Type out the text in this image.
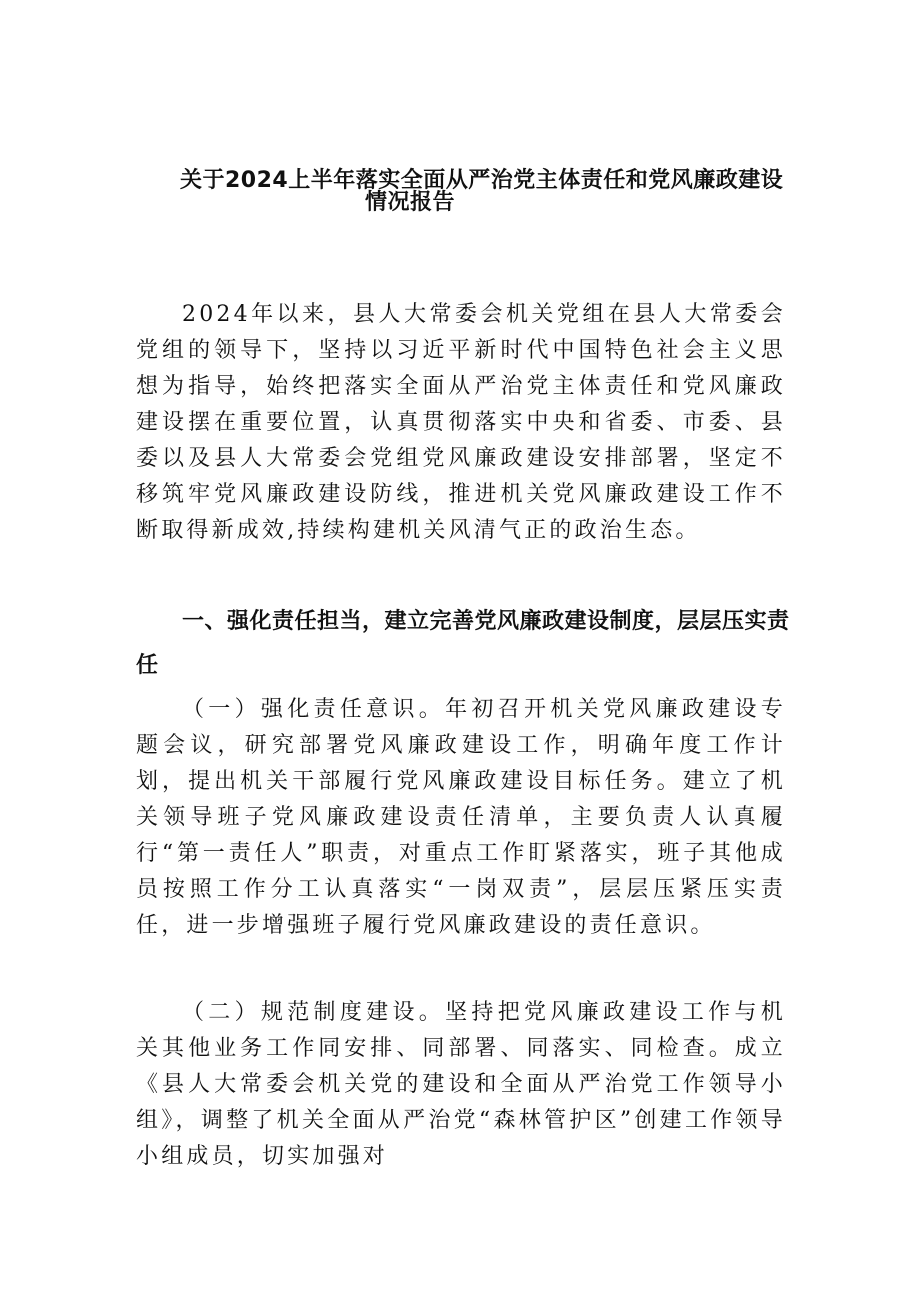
关于2024上半年落实全面从严治党主体责任和党风廉政建设
情况报告

2024年以来，县人大常委会机关党组在县人大常委会党组的领导下，坚持以习近平新时代中国特色社会主义思想为指导，始终把落实全面从严治党主体责任和党风廉政建设摆在重要位置，认真贯彻落实中央和省委、市委、县委以及县人大常委会党组党风廉政建设安排部署，坚定不移筑牢党风廉政建设防线，推进机关党风廉政建设工作不断取得新成效,持续构建机关风清气正的政治生态。

一、强化责任担当，建立完善党风廉政建设制度，层层压实责任

（一）强化责任意识。年初召开机关党风廉政建设专题会议，研究部署党风廉政建设工作，明确年度工作计划，提出机关干部履行党风廉政建设目标任务。建立了机关领导班子党风廉政建设责任清单，主要负责人认真履行“第一责任人”职责，对重点工作盯紧落实，班子其他成员按照工作分工认真落实“一岗双责”，层层压紧压实责任，进一步增强班子履行党风廉政建设的责任意识。

（二）规范制度建设。坚持把党风廉政建设工作与机关其他业务工作同安排、同部署、同落实、同检查。成立《县人大常委会机关党的建设和全面从严治党工作领导小组》，调整了机关全面从严治党“森林管护区”创建工作领导小组成员，切实加强对
